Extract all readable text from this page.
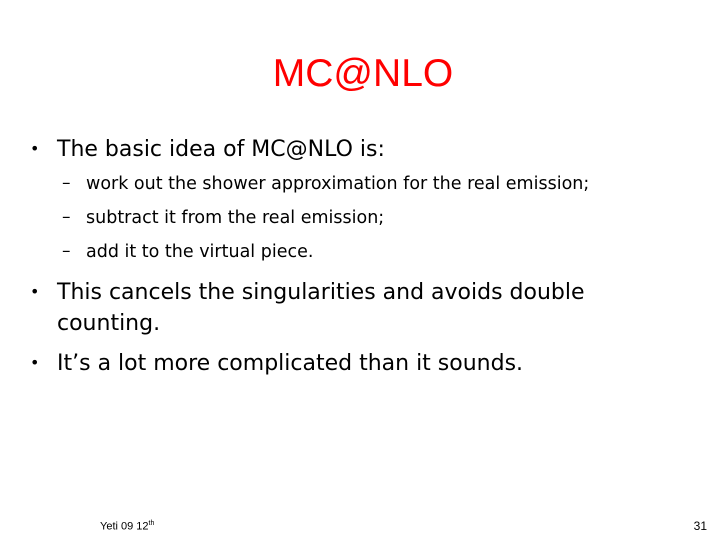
MC@NLO
• The basic idea of MC@NLO is:
– work out the shower approximation for the real emission;
– subtract it from the real emission;
– add it to the virtual piece.
• This cancels the singularities and avoids double
counting.
• It’s a lot more complicated than it sounds.
Yeti 09 12th	31
